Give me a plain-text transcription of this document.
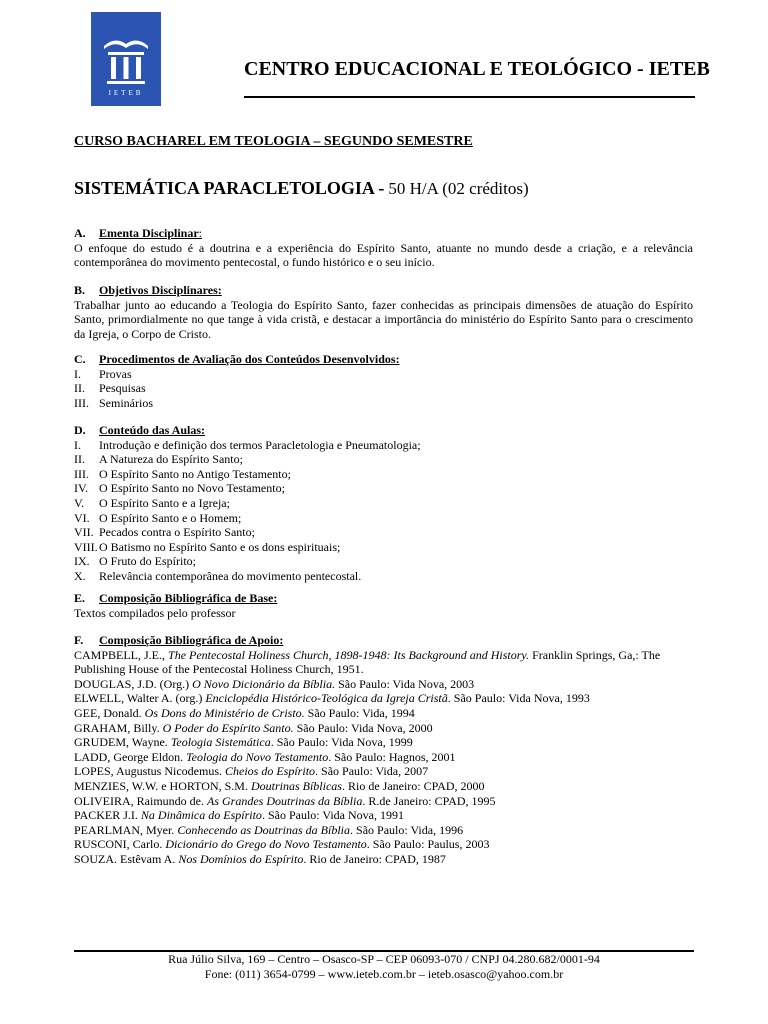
IETEB
CENTRO EDUCACIONAL E TEOLÓGICO - IETEB
CURSO BACHAREL EM TEOLOGIA – SEGUNDO SEMESTRE
SISTEMÁTICA PARACLETOLOGIA - 50 H/A (02 créditos)
A. Ementa Disciplinar:
O enfoque do estudo é a doutrina e a experiência do Espírito Santo, atuante no mundo desde a criação, e a relevância contemporânea do movimento pentecostal, o fundo histórico e o seu início.
B. Objetivos Disciplinares:
Trabalhar junto ao educando a Teologia do Espírito Santo, fazer conhecidas as principais dimensões de atuação do Espírito Santo, primordialmente no que tange à vida cristã, e destacar a importância do ministério do Espírito Santo para o crescimento da Igreja, o Corpo de Cristo.
C. Procedimentos de Avaliação dos Conteúdos Desenvolvidos:
I. Provas
II. Pesquisas
III. Seminários
D. Conteúdo das Aulas:
I. Introdução e definição dos termos Paracletologia e Pneumatologia;
II. A Natureza do Espírito Santo;
III. O Espírito Santo no Antigo Testamento;
IV. O Espírito Santo no Novo Testamento;
V. O Espírito Santo e a Igreja;
VI. O Espírito Santo e o Homem;
VII. Pecados contra o Espírito Santo;
VIII.O Batismo no Espírito Santo e os dons espirituais;
IX. O Fruto do Espírito;
X. Relevância contemporânea do movimento pentecostal.
E. Composição Bibliográfica de Base:
Textos compilados pelo professor
F. Composição Bibliográfica de Apoio:
CAMPBELL, J.E., The Pentecostal Holiness Church, 1898-1948: Its Background and History. Franklin Springs, Ga,: The Publishing House of the Pentecostal Holiness Church, 1951.
DOUGLAS, J.D. (Org.) O Novo Dicionário da Bíblia. São Paulo: Vida Nova, 2003
ELWELL, Walter A. (org.) Enciclopédia Histórico-Teológica da Igreja Cristã. São Paulo: Vida Nova, 1993
GEE, Donald. Os Dons do Ministério de Cristo. São Paulo: Vida, 1994
GRAHAM, Billy. O Poder do Espírito Santo. São Paulo: Vida Nova, 2000
GRUDEM, Wayne. Teologia Sistemática. São Paulo: Vida Nova, 1999
LADD, George Eldon. Teologia do Novo Testamento. São Paulo: Hagnos, 2001
LOPES, Augustus Nicodemus. Cheios do Espírito. São Paulo: Vida, 2007
MENZIES, W.W. e HORTON, S.M. Doutrinas Bíblicas. Rio de Janeiro: CPAD, 2000
OLIVEIRA, Raimundo de. As Grandes Doutrinas da Bíblia. R.de Janeiro: CPAD, 1995
PACKER J.I. Na Dinâmica do Espírito. São Paulo: Vida Nova, 1991
PEARLMAN, Myer. Conhecendo as Doutrinas da Bíblia. São Paulo: Vida, 1996
RUSCONI, Carlo. Dicionário do Grego do Novo Testamento. São Paulo: Paulus, 2003
SOUZA. Estêvam A. Nos Domínios do Espírito. Rio de Janeiro: CPAD, 1987
Rua Júlio Silva, 169 – Centro – Osasco-SP – CEP 06093-070 / CNPJ 04.280.682/0001-94
Fone: (011) 3654-0799 – www.ieteb.com.br – ieteb.osasco@yahoo.com.br
